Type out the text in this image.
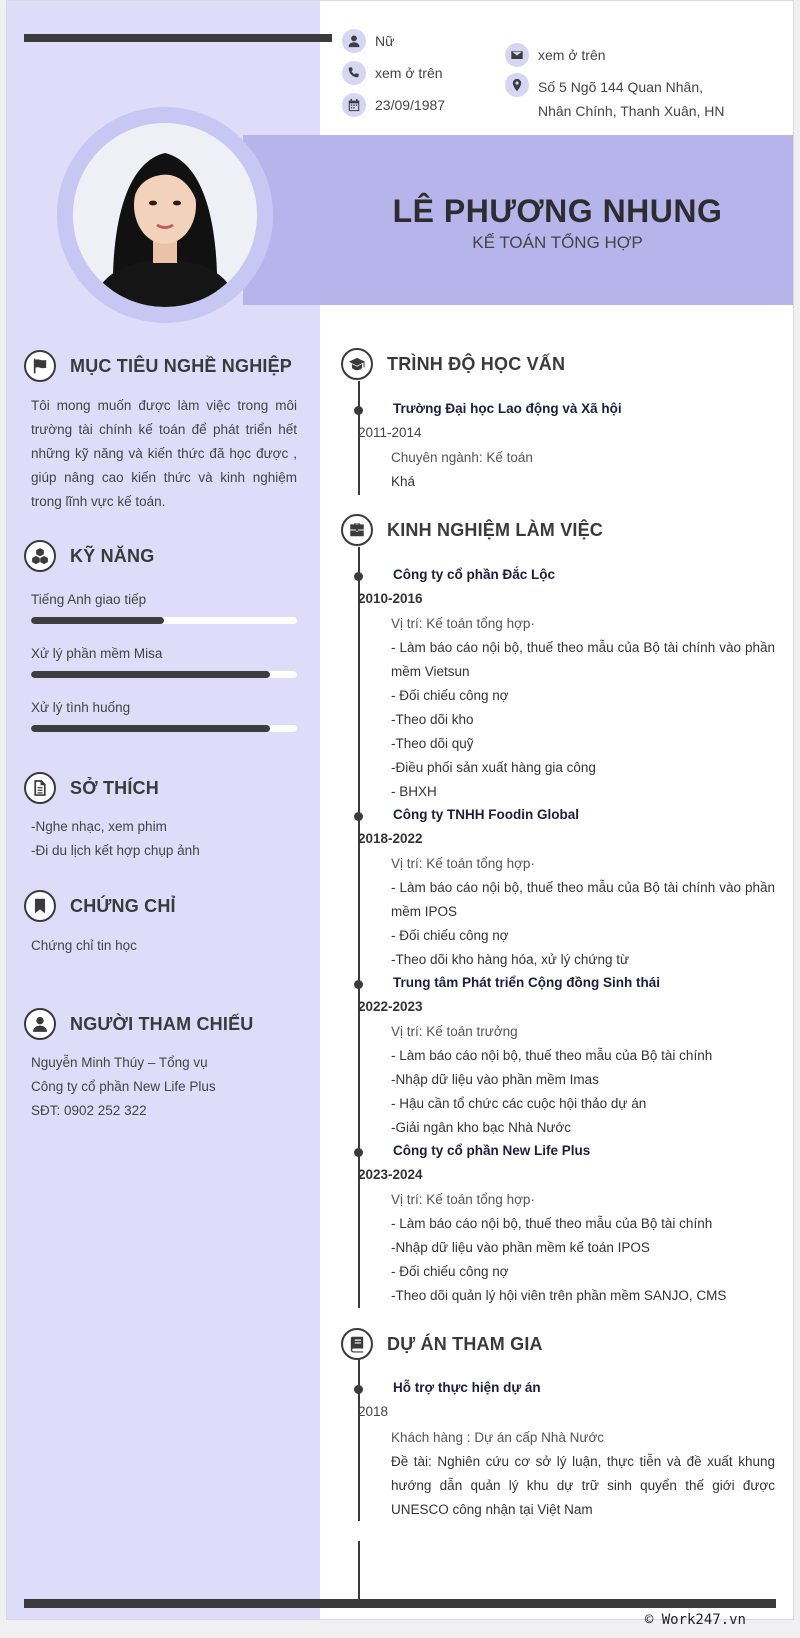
Nữ
xem ở trên
23/09/1987
xem ở trên
Số 5 Ngõ 144 Quan Nhân,
Nhân Chính, Thanh Xuân, HN
LÊ PHƯƠNG NHUNG
KẾ TOÁN TỔNG HỢP
MỤC TIÊU NGHỀ NGHIỆP
Tôi mong muốn được làm việc trong môi trường tài chính kế toán để phát triển hết những kỹ năng và kiến thức đã học được , giúp nâng cao kiến thức và kinh nghiệm trong lĩnh vực kế toán.
KỸ NĂNG
Tiếng Anh giao tiếp
Xử lý phần mềm Misa
Xử lý tình huống
SỞ THÍCH
-Nghe nhạc, xem phim
-Đi du lịch kết hợp chụp ảnh
CHỨNG CHỈ
Chứng chỉ tin học
NGƯỜI THAM CHIẾU
Nguyễn Minh Thúy – Tổng vụ
Công ty cổ phần New Life Plus
SĐT: 0902 252 322
TRÌNH ĐỘ HỌC VẤN
Trường Đại học Lao động và Xã hội
2011-2014
Chuyên ngành: Kế toán
Khá
KINH NGHIỆM LÀM VIỆC
Công ty cổ phần Đắc Lộc
2010-2016
Vị trí: Kế toán tổng hợp·
- Làm báo cáo nội bộ, thuế theo mẫu của Bộ tài chính vào phần mềm Vietsun
- Đối chiếu công nợ
-Theo dõi kho
-Theo dõi quỹ
-Điều phối sản xuất hàng gia công
- BHXH
Công ty TNHH Foodin Global
2018-2022
Vị trí: Kế toán tổng hợp·
- Làm báo cáo nội bộ, thuế theo mẫu của Bộ tài chính vào phần mềm IPOS
- Đối chiếu công nợ
-Theo dõi kho hàng hóa, xử lý chứng từ
Trung tâm Phát triển Cộng đồng Sinh thái
2022-2023
Vị trí: Kế toán trưởng
- Làm báo cáo nội bộ, thuế theo mẫu của Bộ tài chính
-Nhập dữ liệu vào phần mềm Imas
- Hậu cần tổ chức các cuộc hội thảo dự án
-Giải ngân kho bạc Nhà Nước
Công ty cổ phần New Life Plus
2023-2024
Vị trí: Kế toán tổng hợp·
- Làm báo cáo nội bộ, thuế theo mẫu của Bộ tài chính
-Nhập dữ liệu vào phần mềm kế toán IPOS
- Đối chiếu công nợ
-Theo dõi quản lý hội viên trên phần mềm SANJO, CMS
DỰ ÁN THAM GIA
Hỗ trợ thực hiện dự án
2018
Khách hàng : Dự án cấp Nhà Nước
Đề tài: Nghiên cứu cơ sở lý luận, thực tiễn và đề xuất khung hướng dẫn quản lý khu dự trữ sinh quyển thế giới được UNESCO công nhận tại Việt Nam
© Work247.vn
